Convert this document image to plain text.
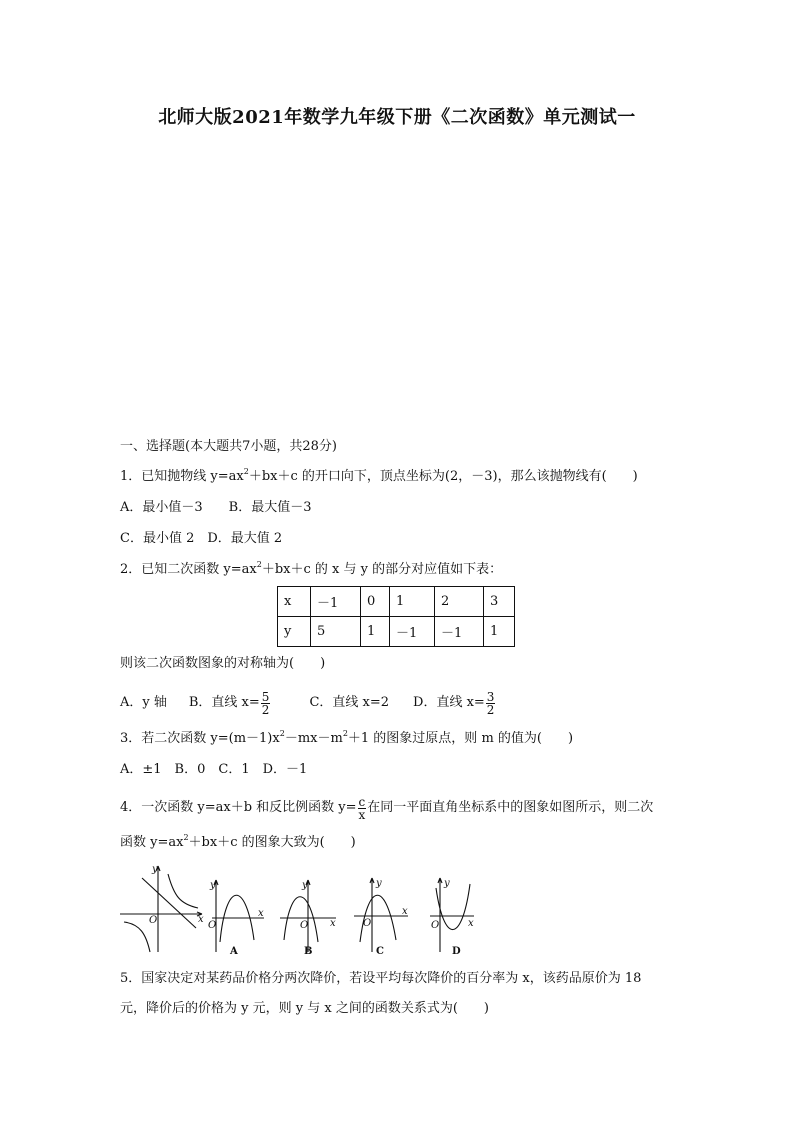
北师大版2021年数学九年级下册《二次函数》单元测试一
一、选择题(本大题共7小题，共28分)
1．已知抛物线 $y=ax^2+bx+c$ 的开口向下，顶点坐标为(2，－3)，那么该抛物线有(　　)
A．最小值－3　　B．最大值－3
C．最小值 2　D．最大值 2
2．已知二次函数 $y=ax^2+bx+c$ 的 x 与 y 的部分对应值如下表：
x	－1	0	1	2	3
y	5	1	－1	－1	1
则该二次函数图象的对称轴为(　　)
A．y 轴 B．直线 $x= \frac{5}{2}$	C．直线 x=2 D．直线 $x= \frac{3}{2}$
3．若二次函数 $y=(m-1)x^2-mx-m^2+1$ 的图象过原点，则 m 的值为(　　)
A．±1　B．0　C．1　D．－1
4．一次函数 y=ax＋b 和反比例函数 $y= \frac{c}{x}$ 在同一平面直角坐标系中的图象如图所示，则二次
函数 $y=ax^2+bx+c$ 的图象大致为(　　)
y
O	x
y
O
x
A
y
O x
B
y
O
x
C
y
O	x
D
5．国家决定对某药品价格分两次降价，若设平均每次降价的百分率为 x，该药品原价为 18
元，降价后的价格为 y 元，则 y 与 x 之间的函数关系式为(　　)
